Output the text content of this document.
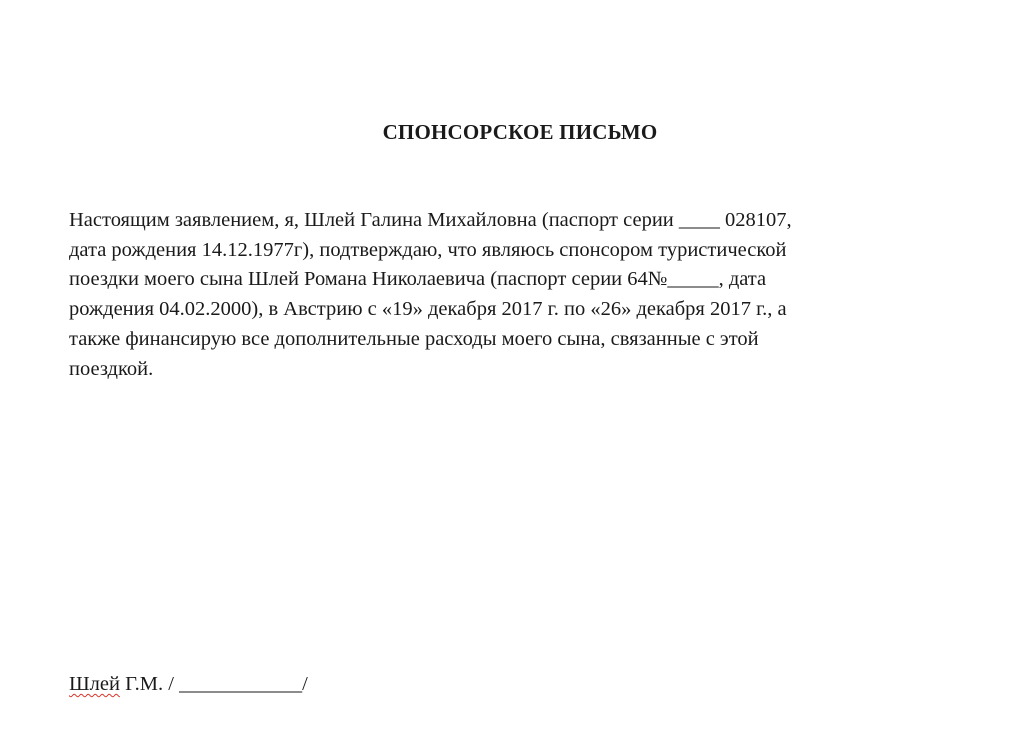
СПОНСОРСКОЕ ПИСЬМО

Настоящим заявлением, я, Шлей Галина Михайловна (паспорт серии ____ 028107,
дата рождения 14.12.1977г), подтверждаю, что являюсь спонсором туристической
поездки моего сына Шлей Романа Николаевича (паспорт серии 64№_____, дата
рождения 04.02.2000), в Австрию с «19» декабря 2017 г. по «26» декабря 2017 г., а
также финансирую все дополнительные расходы моего сына, связанные с этой
поездкой.

Шлей Г.М. / ____________/
